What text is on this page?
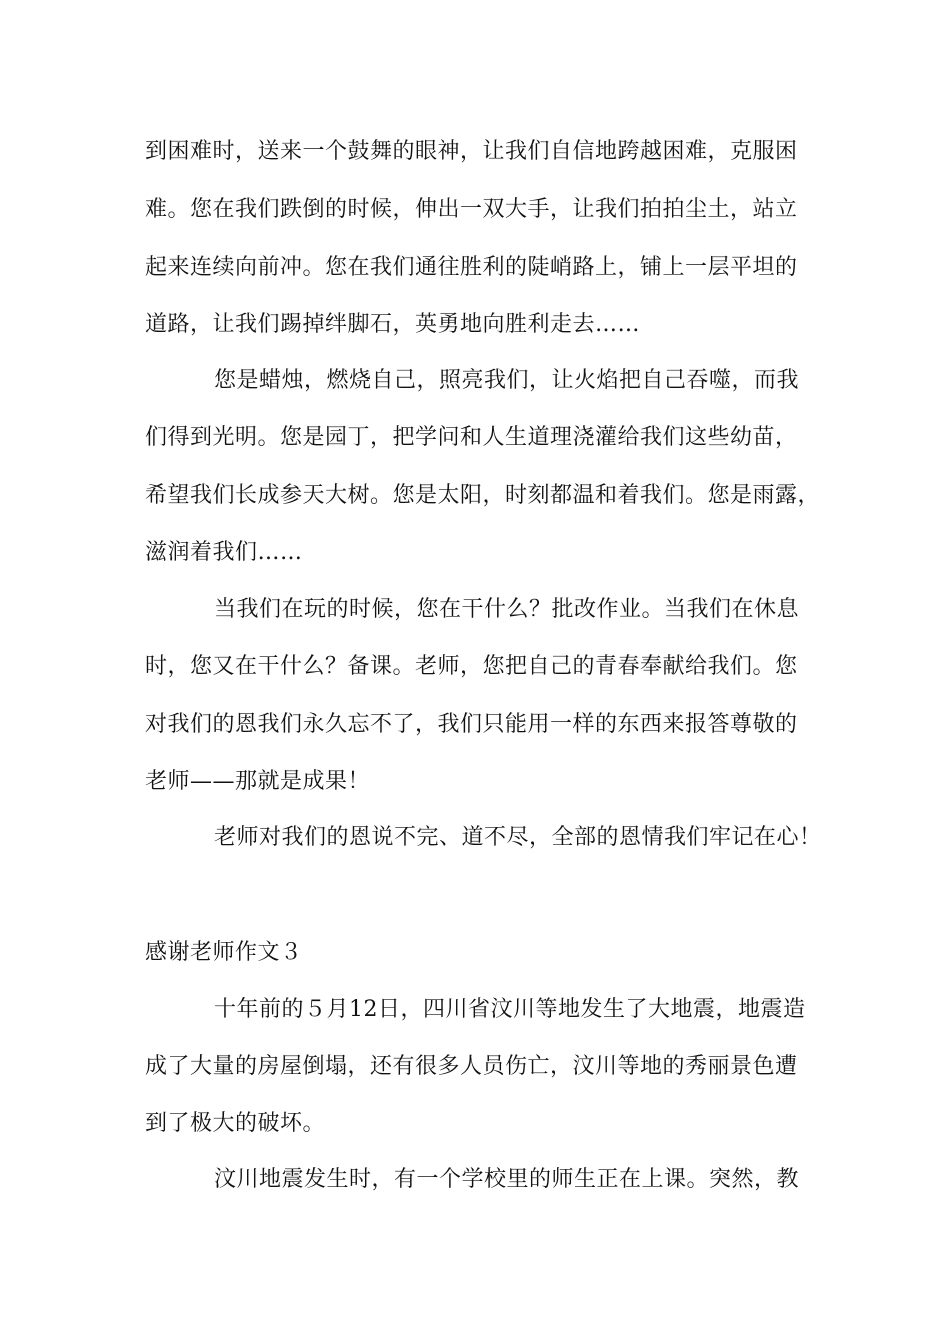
到困难时，送来一个鼓舞的眼神，让我们自信地跨越困难，克服困
难。您在我们跌倒的时候，伸出一双大手，让我们拍拍尘土，站立
起来连续向前冲。您在我们通往胜利的陡峭路上，铺上一层平坦的
道路，让我们踢掉绊脚石，英勇地向胜利走去……
您是蜡烛，燃烧自己，照亮我们，让火焰把自己吞噬，而我
们得到光明。您是园丁，把学问和人生道理浇灌给我们这些幼苗，
希望我们长成参天大树。您是太阳，时刻都温和着我们。您是雨露，
滋润着我们……
当我们在玩的时候，您在干什么？批改作业。当我们在休息
时，您又在干什么？备课。老师，您把自己的青春奉献给我们。您
对我们的恩我们永久忘不了，我们只能用一样的东西来报答尊敬的
老师——那就是成果！
老师对我们的恩说不完、道不尽，全部的恩情我们牢记在心！
感谢老师作文３
十年前的５月12日，四川省汶川等地发生了大地震，地震造
成了大量的房屋倒塌，还有很多人员伤亡，汶川等地的秀丽景色遭
到了极大的破坏。
汶川地震发生时，有一个学校里的师生正在上课。突然，教
